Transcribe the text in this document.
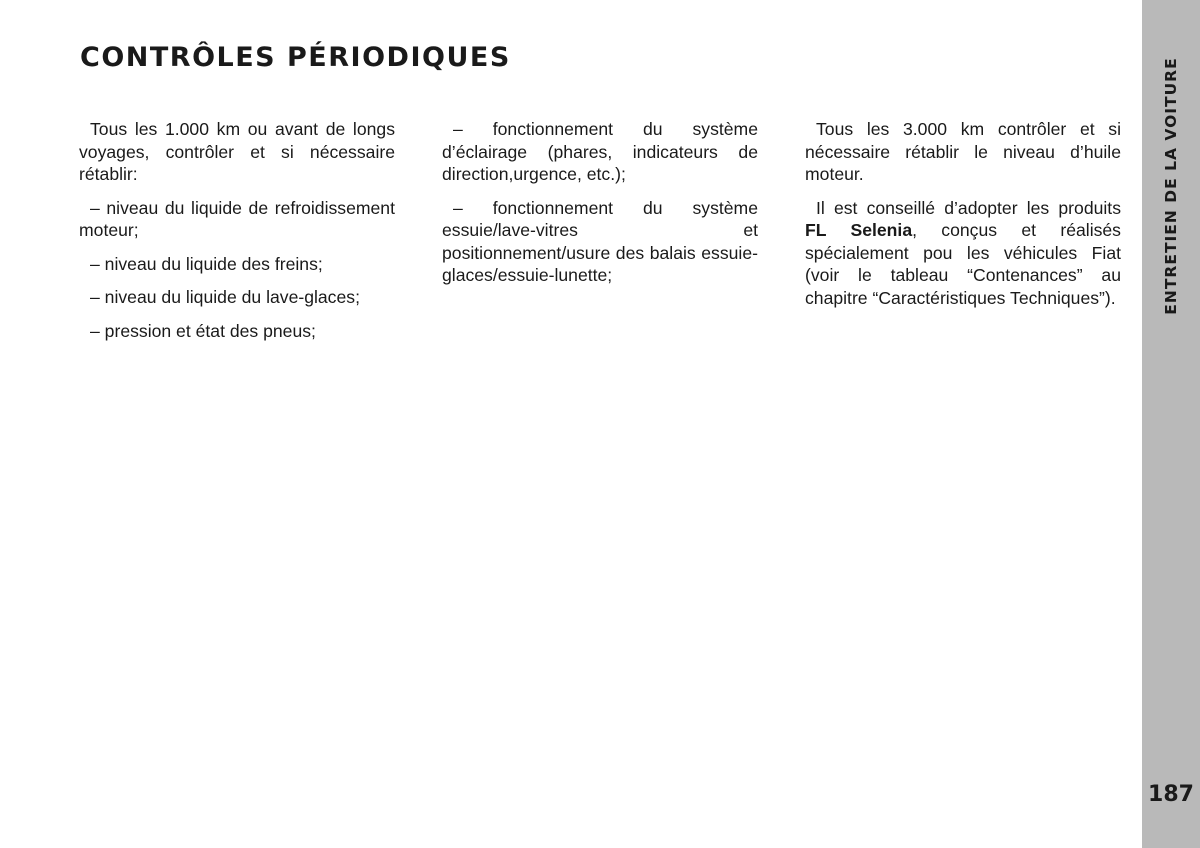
CONTRÔLES PÉRIODIQUES

Tous les 1.000 km ou avant de longs voyages, contrôler et si nécessaire rétablir:

– niveau du liquide de refroidissement moteur;

– niveau du liquide des freins;

– niveau du liquide du lave-glaces;

– pression et état des pneus;

– fonctionnement du système d’éclairage (phares, indicateurs de direction,urgence, etc.);

– fonctionnement du système essuie/lave-vitres et positionnement/usure des balais essuie-glaces/essuie-lunette;

Tous les 3.000 km contrôler et si nécessaire rétablir le niveau d’huile moteur.

Il est conseillé d’adopter les produits FL Selenia, conçus et réalisés spécialement pou les véhicules Fiat (voir le tableau “Contenances” au chapitre “Caractéristiques Techniques”).	ENTRETIEN DE LA VOITURE
187
